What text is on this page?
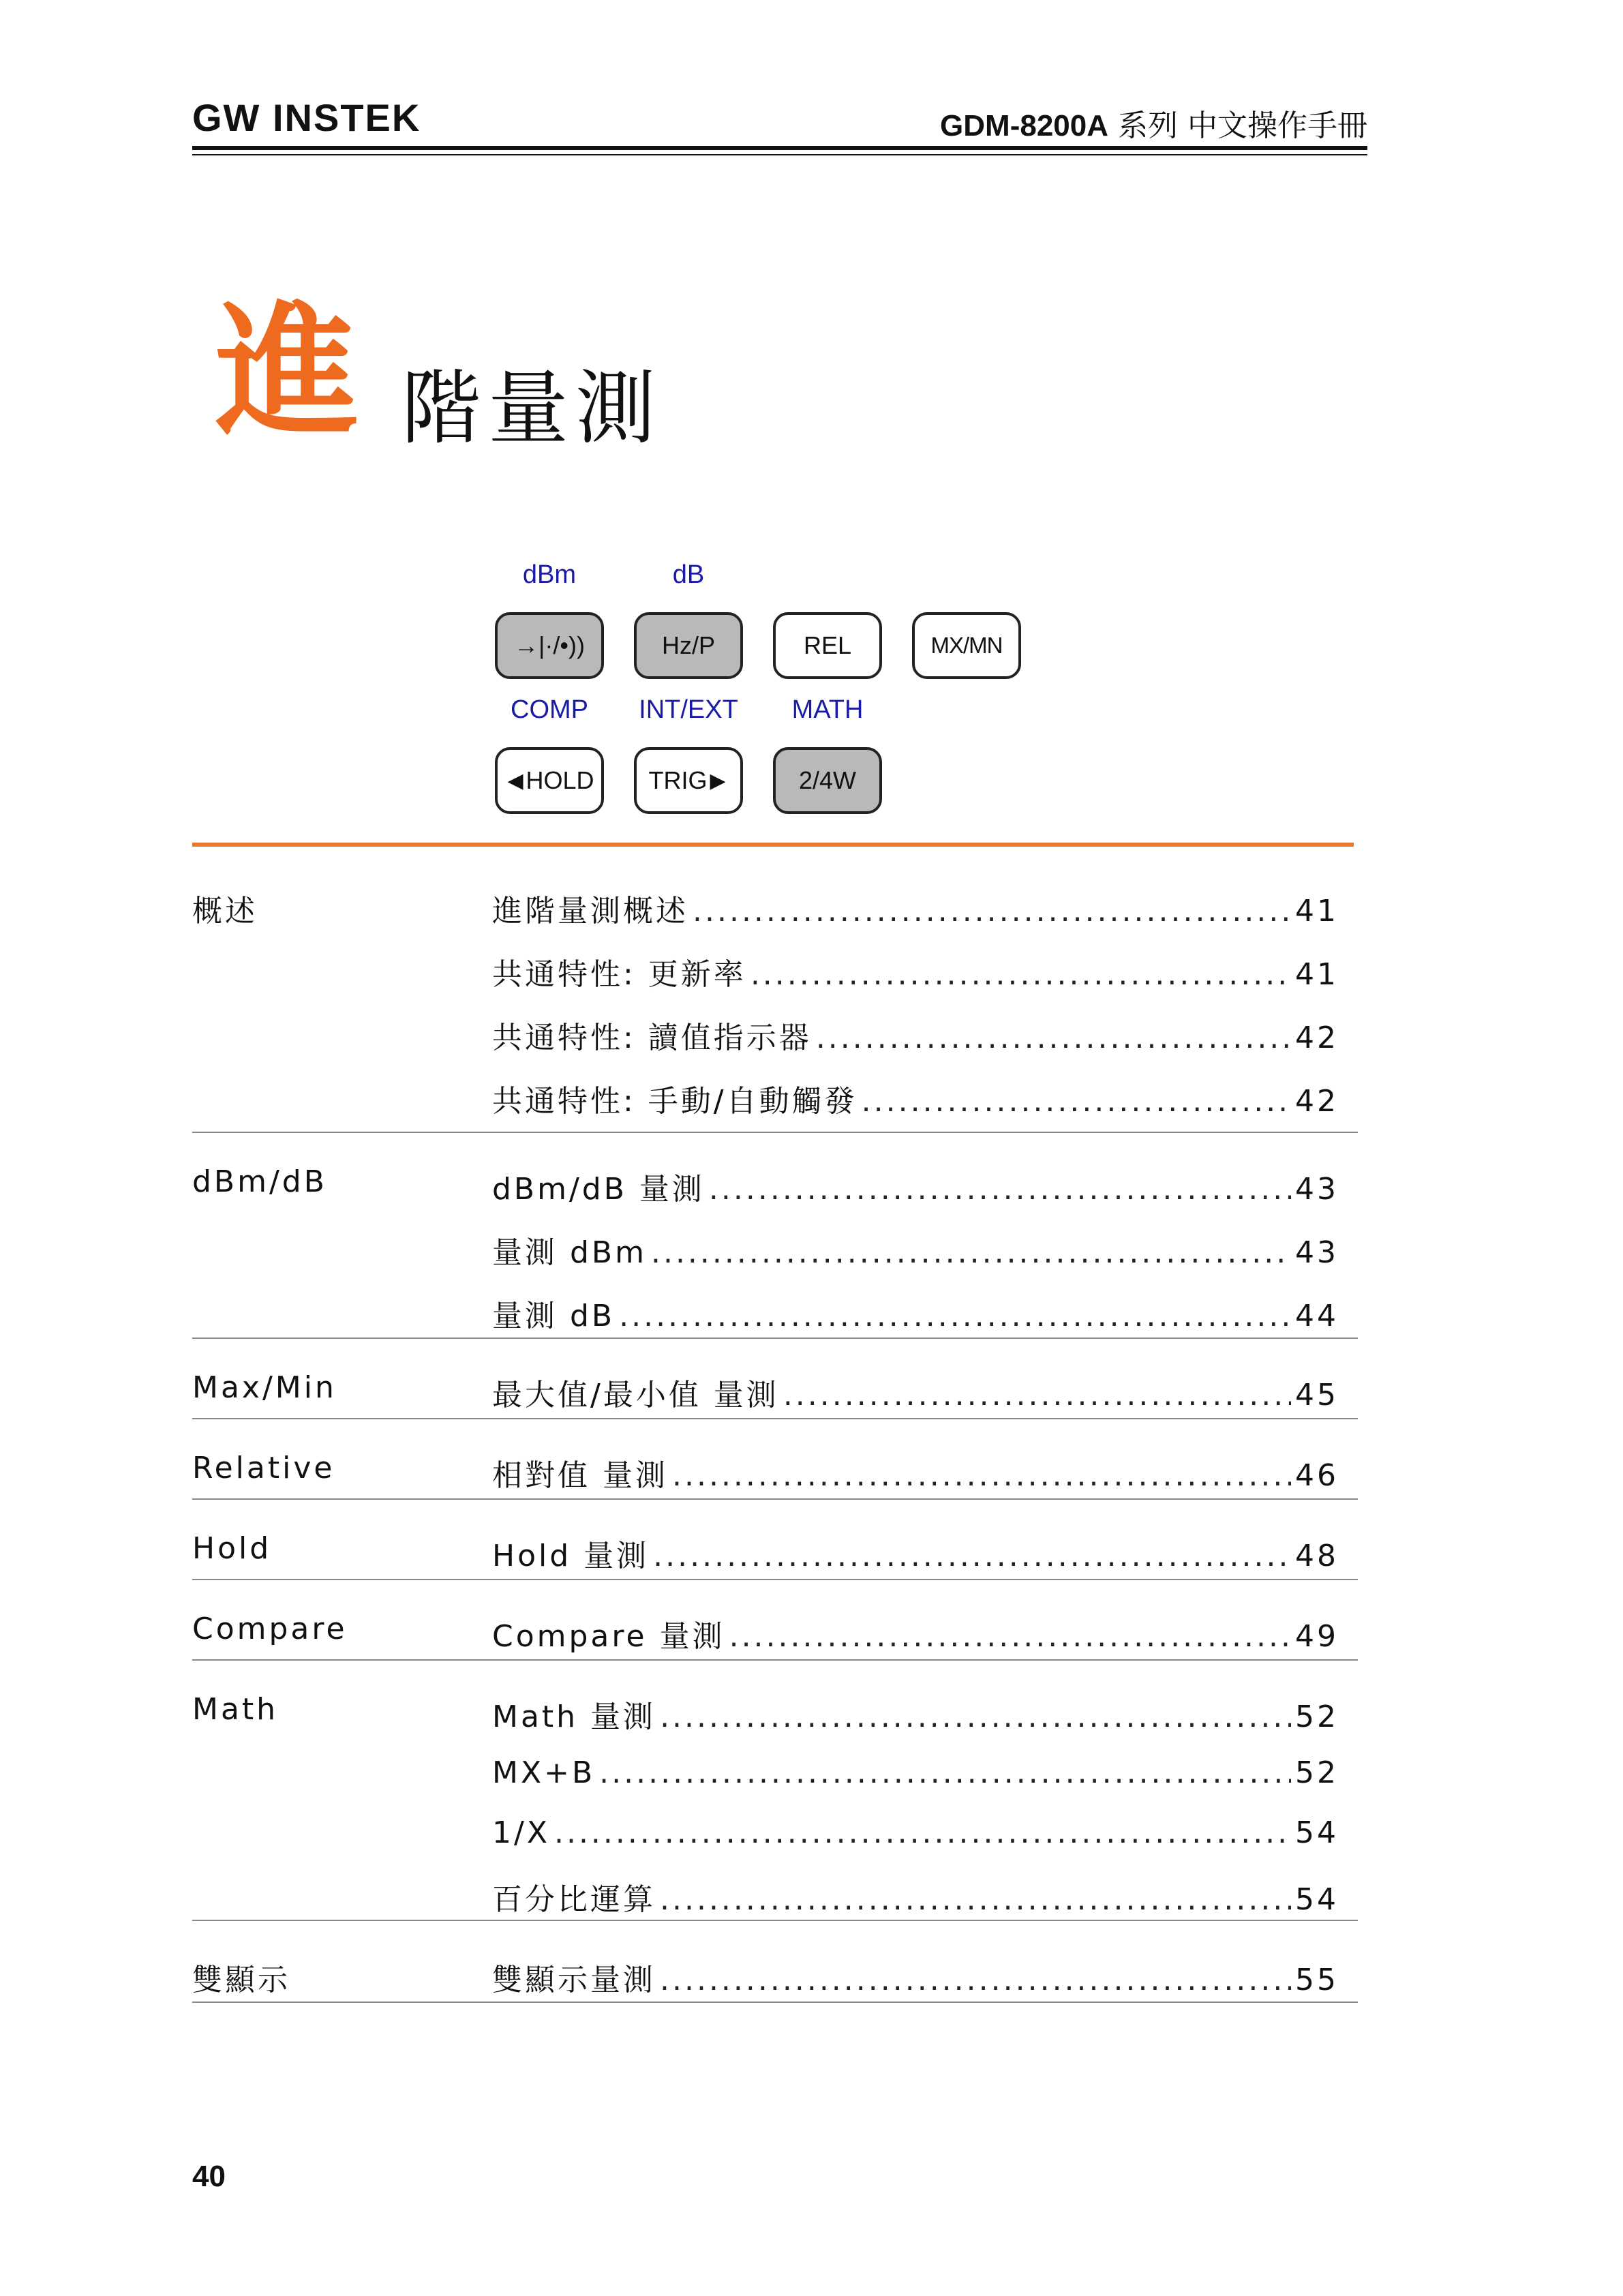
GW INSTEK	GDM-8200A 系列 中文操作手冊
進 階量測
dBm	dB
→|·/•))	Hz/P	REL	MX/MN
COMP	INT/EXT	MATH
◀ HOLD TRIG ▶	2/4W
概述	進階量測概述 .....	41
共通特性: 更新率 .....	41
共通特性: 讀值指示器 .....	42
共通特性: 手動/自動觸發 .....	42
dBm/dB	dBm/dB 量測 .....	43
量測 dBm .....	43
量測 dB .....	44
Max/Min	最大值/最小值 量測 .....	45
Relative	相對值 量測 .....	46
Hold	Hold 量測 .....	48
Compare	Compare 量測 .....	49
Math	Math 量測 .....	52
MX+B .....	52
1/X .....	54
百分比運算 .....	54
雙顯示	雙顯示量測 .....	55
40
